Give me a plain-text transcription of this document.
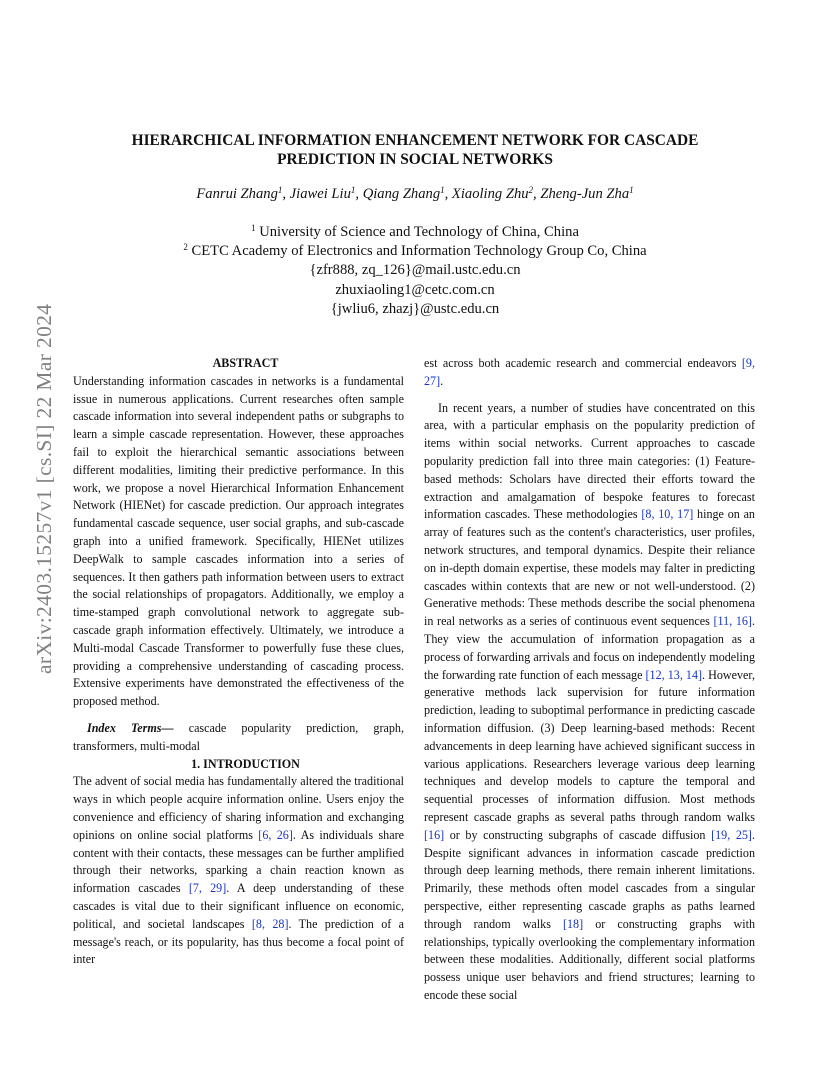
arXiv:2403.15257v1 [cs.SI] 22 Mar 2024
HIERARCHICAL INFORMATION ENHANCEMENT NETWORK FOR CASCADE
PREDICTION IN SOCIAL NETWORKS
Fanrui Zhang$^1$, Jiawei Liu$^1$, Qiang Zhang$^1$, Xiaoling Zhu$^2$, Zheng-Jun Zha$^1$
$^1$ University of Science and Technology of China, China
$^2$ CETC Academy of Electronics and Information Technology Group Co, China
{zfr888, zq_126}@mail.ustc.edu.cn
zhuxiaoling1@cetc.com.cn
{jwliu6, zhazj}@ustc.edu.cn

ABSTRACT

Understanding information cascades in networks is a fundamental issue in numerous applications. Current researches often sample cascade information into several independent paths or subgraphs to learn a simple cascade representation. However, these approaches fail to exploit the hierarchical semantic associations between different modalities, limiting their predictive performance. In this work, we propose a novel Hierarchical Information Enhancement Network (HIENet) for cascade prediction. Our approach integrates fundamental cascade sequence, user social graphs, and sub-cascade graph into a unified framework. Specifically, HIENet utilizes DeepWalk to sample cascades information into a series of sequences. It then gathers path information between users to extract the social relationships of propagators. Additionally, we employ a time-stamped graph convolutional network to aggregate sub-cascade graph information effectively. Ultimately, we introduce a Multi-modal Cascade Transformer to powerfully fuse these clues, providing a comprehensive understanding of cascading process. Extensive experiments have demonstrated the effectiveness of the proposed method.

Index Terms— cascade popularity prediction, graph, transformers, multi-modal

1. INTRODUCTION

The advent of social media has fundamentally altered the traditional ways in which people acquire information online. Users enjoy the convenience and efficiency of sharing information and exchanging opinions on online social platforms [6, 26]. As individuals share content with their contacts, these messages can be further amplified through their networks, sparking a chain reaction known as information cascades [7, 29]. A deep understanding of these cascades is vital due to their significant influence on economic, political, and societal landscapes [8, 28]. The prediction of a message's reach, or its popularity, has thus become a focal point of inter

est across both academic research and commercial endeavors [9, 27].

In recent years, a number of studies have concentrated on this area, with a particular emphasis on the popularity prediction of items within social networks. Current approaches to cascade popularity prediction fall into three main categories: (1) Feature-based methods: Scholars have directed their efforts toward the extraction and amalgamation of bespoke features to forecast information cascades. These methodologies [8, 10, 17] hinge on an array of features such as the content's characteristics, user profiles, network structures, and temporal dynamics. Despite their reliance on in-depth domain expertise, these models may falter in predicting cascades within contexts that are new or not well-understood. (2) Generative methods: These methods describe the social phenomena in real networks as a series of continuous event sequences [11, 16]. They view the accumulation of information propagation as a process of forwarding arrivals and focus on independently modeling the forwarding rate function of each message [12, 13, 14]. However, generative methods lack supervision for future information prediction, leading to suboptimal performance in predicting cascade information diffusion. (3) Deep learning-based methods: Recent advancements in deep learning have achieved significant success in various applications. Researchers leverage various deep learning techniques and develop models to capture the temporal and sequential processes of information diffusion. Most methods represent cascade graphs as several paths through random walks [16] or by constructing subgraphs of cascade diffusion [19, 25]. Despite significant advances in information cascade prediction through deep learning methods, there remain inherent limitations. Primarily, these methods often model cascades from a singular perspective, either representing cascade graphs as paths learned through random walks [18] or constructing graphs with relationships, typically overlooking the complementary information between these modalities. Additionally, different social platforms possess unique user behaviors and friend structures; learning to encode these social
